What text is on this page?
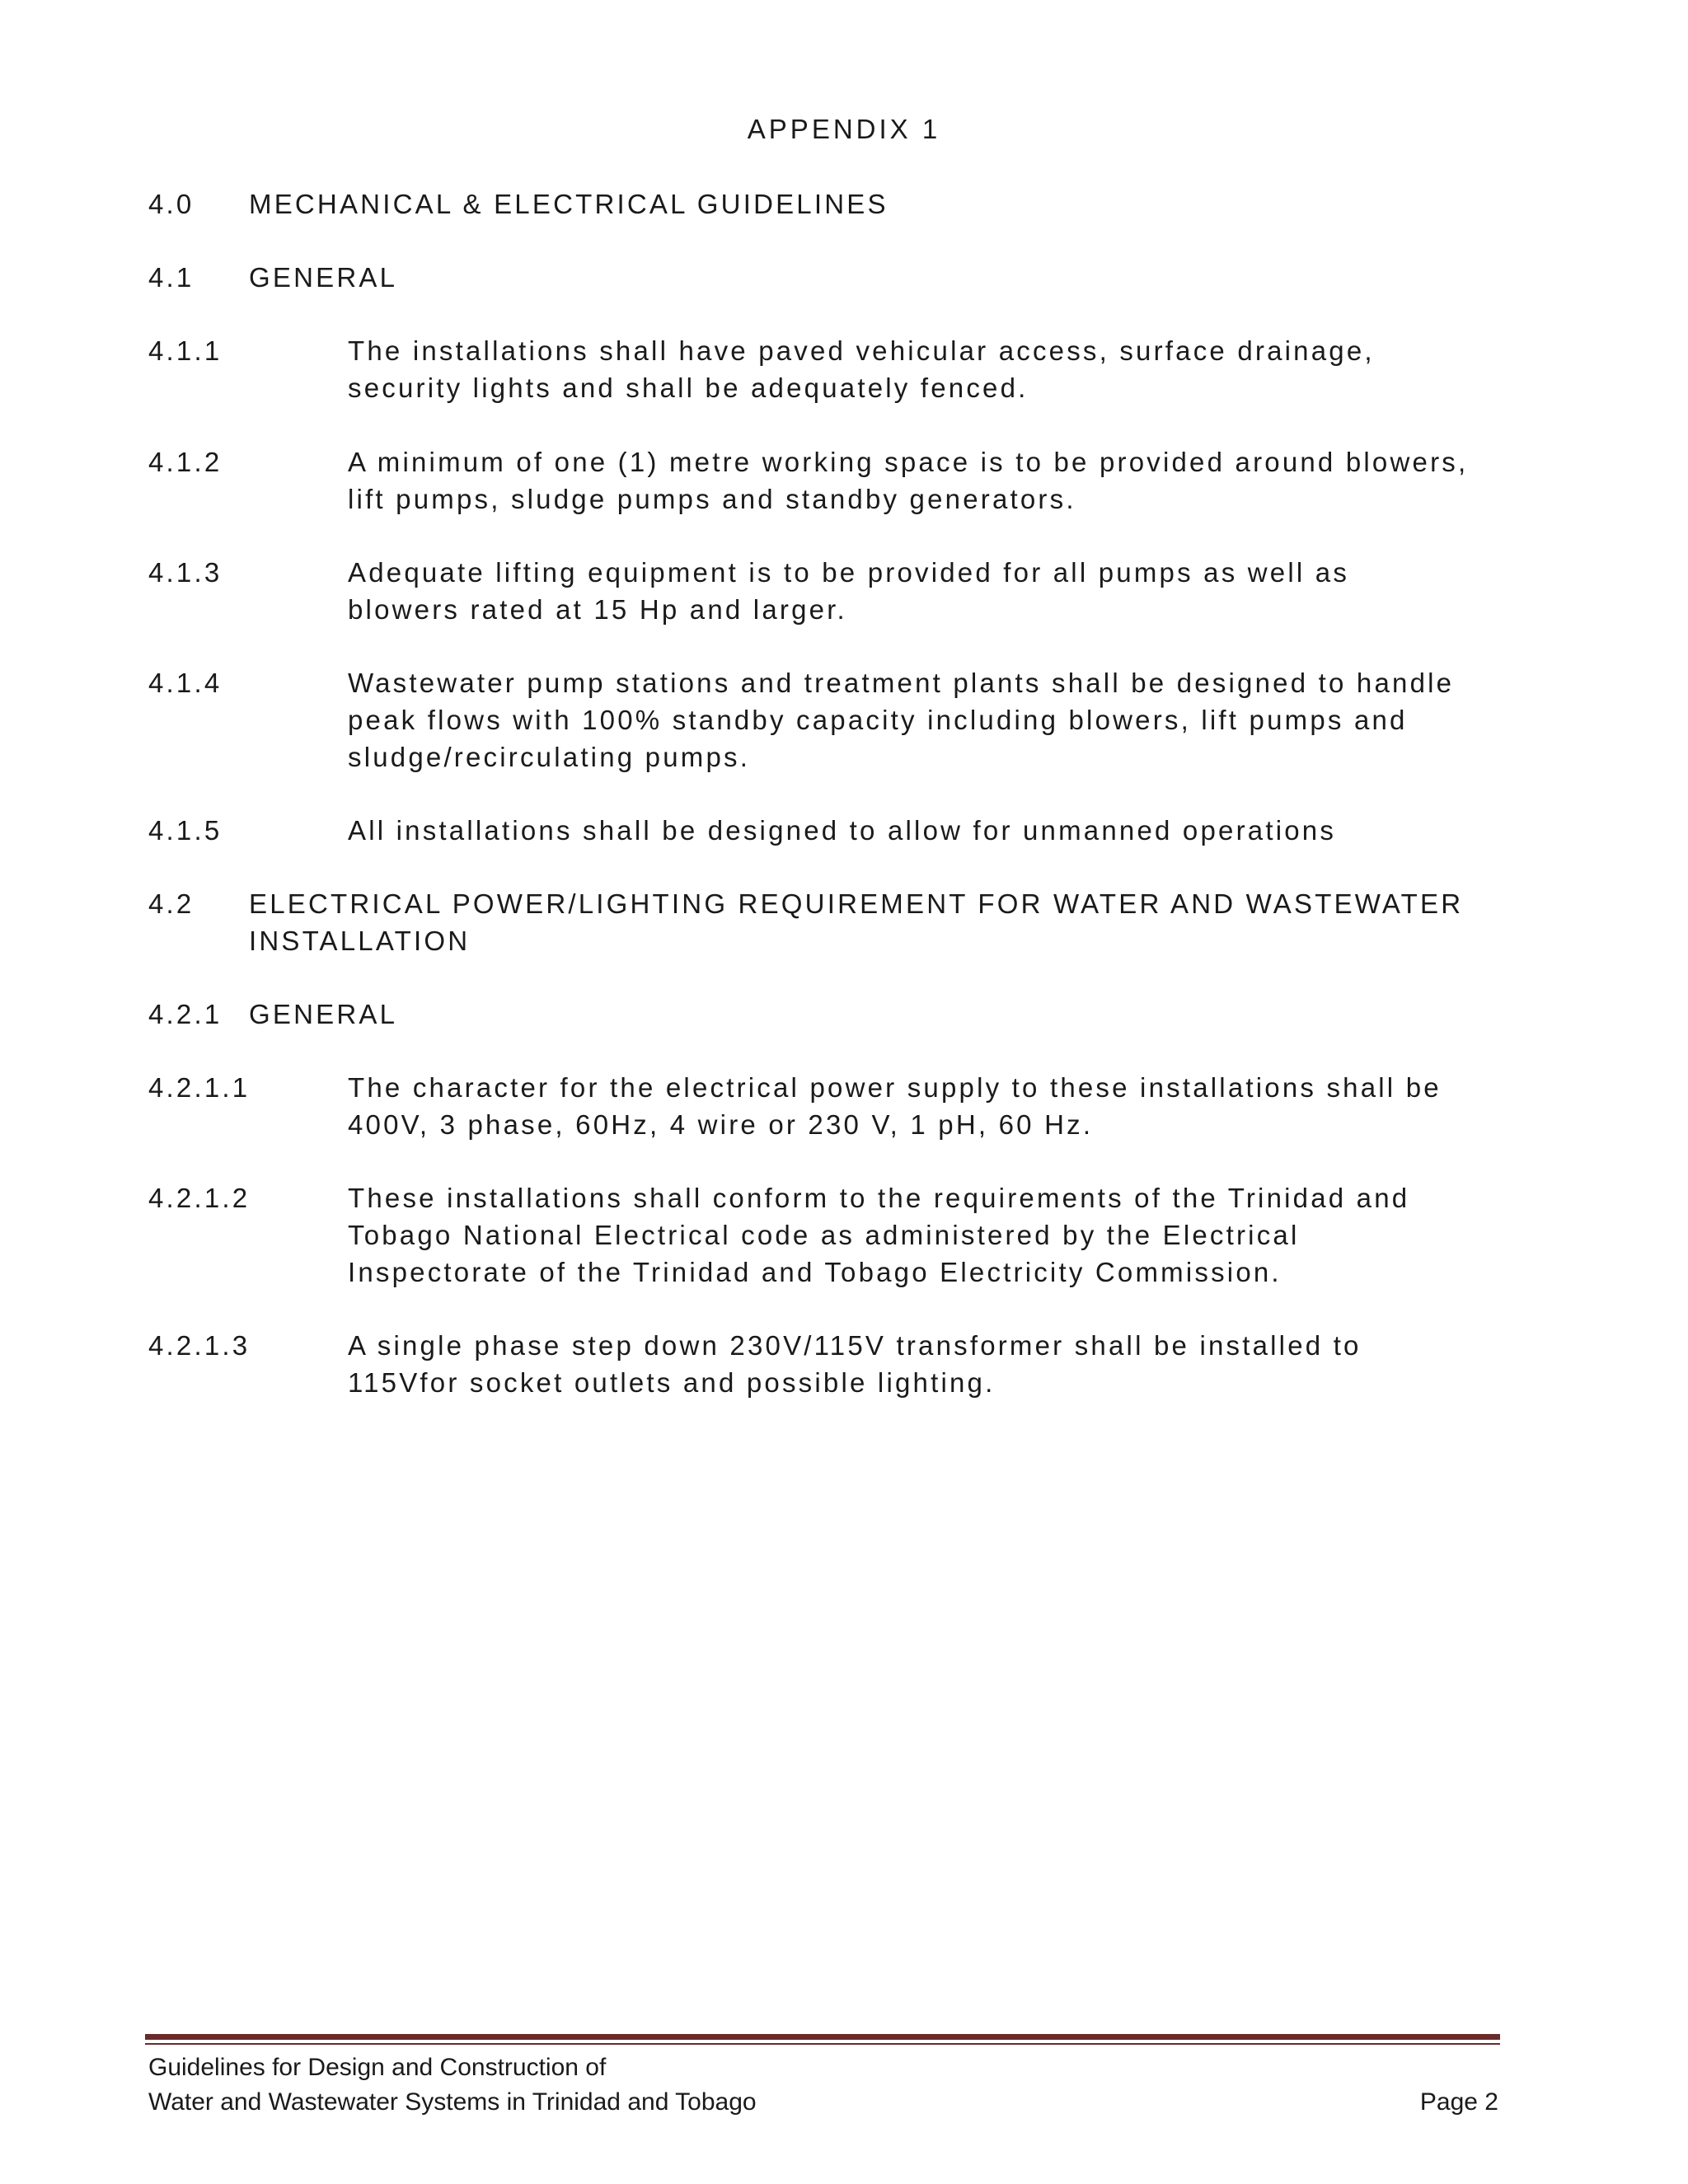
APPENDIX 1
4.0 MECHANICAL & ELECTRICAL GUIDELINES
4.1 GENERAL
4.1.1	The installations shall have paved vehicular access, surface drainage,
security lights and shall be adequately fenced.
4.1.2	A minimum of one (1) metre working space is to be provided around blowers,
lift pumps, sludge pumps and standby generators.
4.1.3	Adequate lifting equipment is to be provided for all pumps as well as
blowers rated at 15 Hp and larger.
4.1.4	Wastewater pump stations and treatment plants shall be designed to handle
peak flows with 100% standby capacity including blowers, lift pumps and
sludge/recirculating pumps.
4.1.5	All installations shall be designed to allow for unmanned operations
4.2 ELECTRICAL POWER/LIGHTING REQUIREMENT FOR WATER AND WASTEWATER
INSTALLATION
4.2.1 GENERAL
4.2.1.1	The character for the electrical power supply to these installations shall be
400V, 3 phase, 60Hz, 4 wire or 230 V, 1 pH, 60 Hz.
4.2.1.2	These installations shall conform to the requirements of the Trinidad and
Tobago National Electrical code as administered by the Electrical
Inspectorate of the Trinidad and Tobago Electricity Commission.
4.2.1.3	A single phase step down 230V/115V transformer shall be installed to
115Vfor socket outlets and possible lighting.
Guidelines for Design and Construction of
Water and Wastewater Systems in Trinidad and Tobago	Page 2
